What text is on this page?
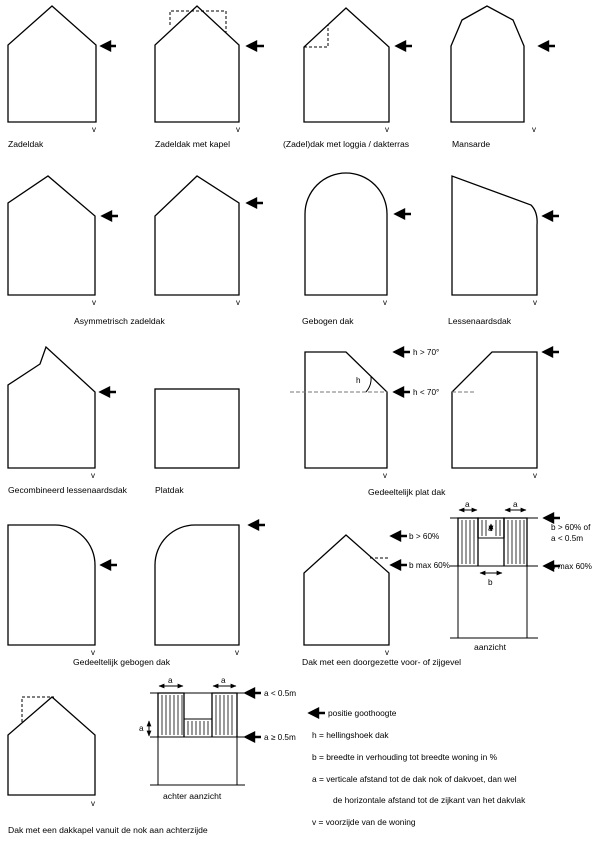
v
Zadeldak
v
Zadeldak met kapel
v
(Zadel)dak met loggia / dakterras
v
Mansarde
v
Asymmetrisch zadeldak
v	v
Gebogen dak
v
Lessenaardsdak
v
Gecombineerd lessenaardsdak	Platdak
h
h > 70°
h < 70°
v	v
Gedeeltelijk plat dak
v	v
Gedeeltelijk gebogen dak
b > 60%
b max 60%
v
Dak met een doorgezette voor- of zijgevel
a
a	a
b
b > 60% of
a < 0.5m
b max 60%
aanzicht
v
Dak met een dakkapel vanuit de nok aan achterzijde
a	a
a
a < 0.5m
a ≥ 0.5m
achter aanzicht
positie goothoogte
h = hellingshoek dak
b = breedte in verhouding tot breedte woning in %
a = verticale afstand tot de dak nok of dakvoet, dan wel
de horizontale afstand tot de zijkant van het dakvlak
v = voorzijde van de woning
